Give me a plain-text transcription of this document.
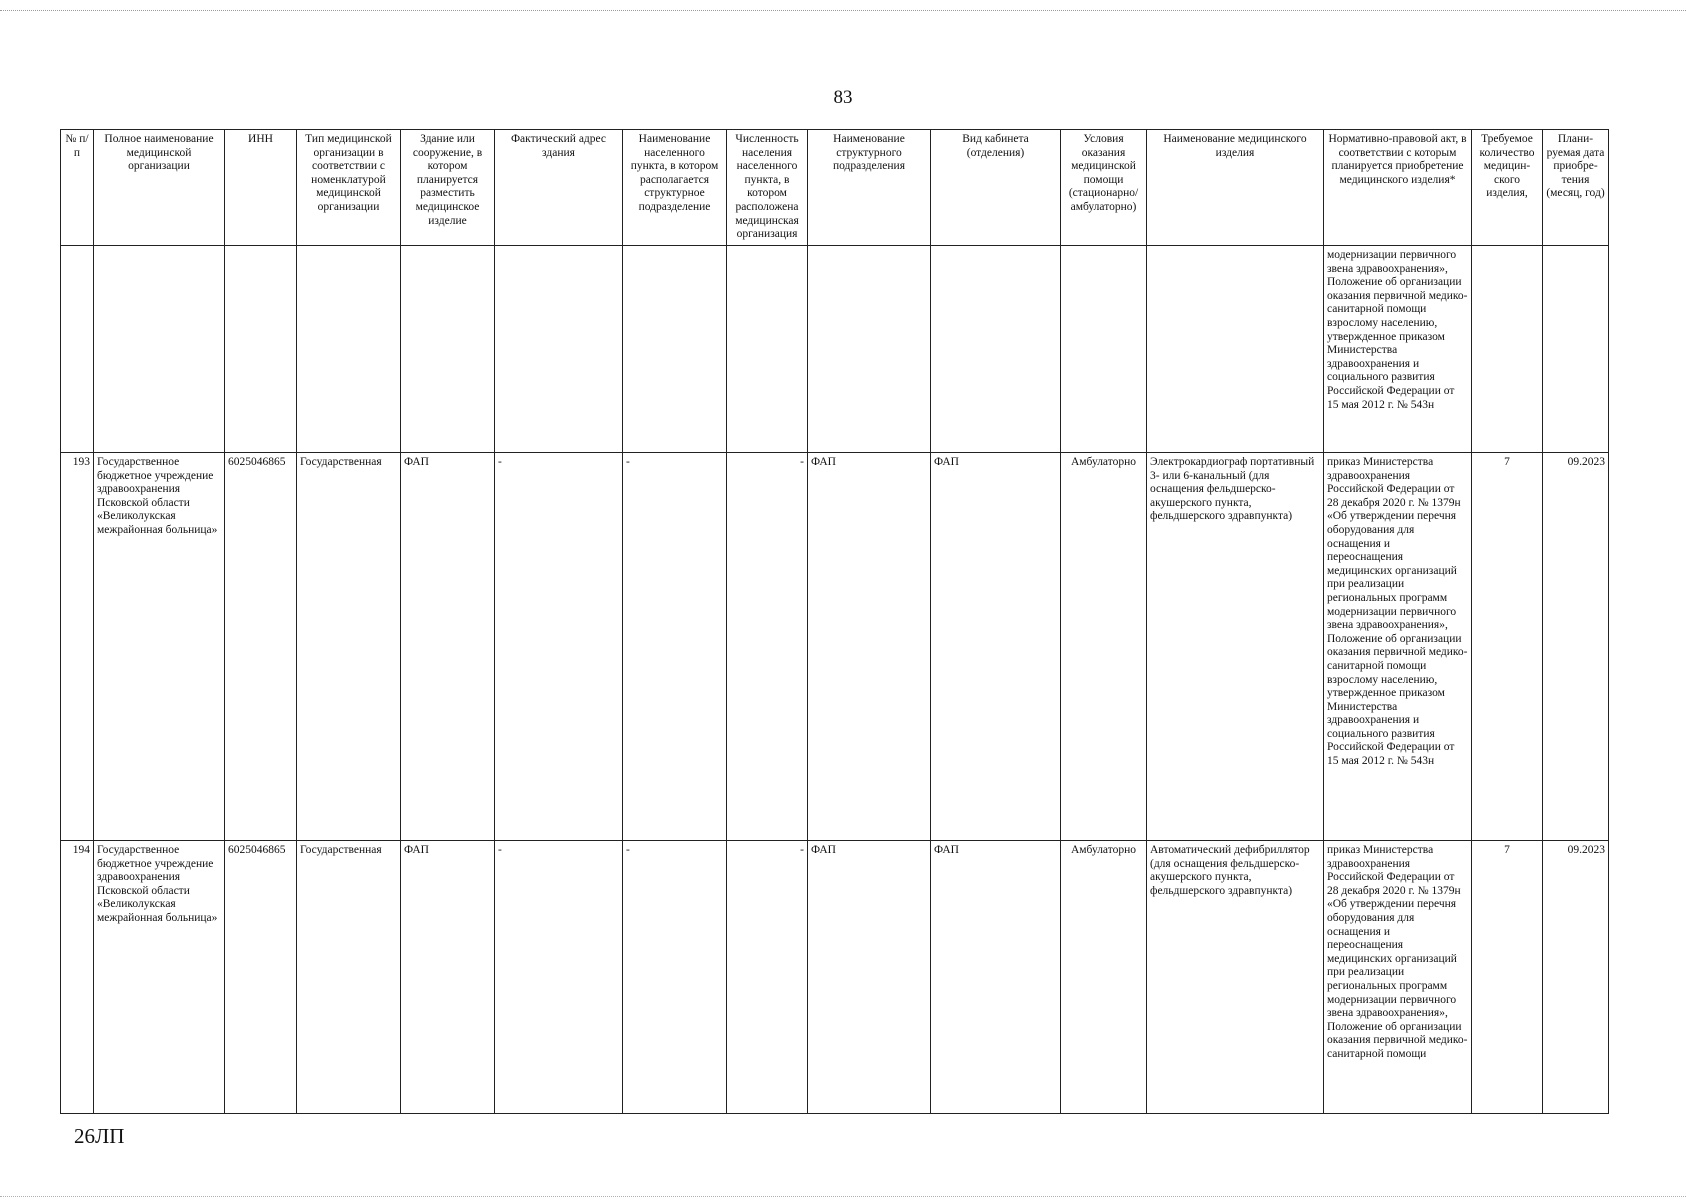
83
№ п/п	Полное наименование медицинской организации	ИНН	Тип медицинской организации в соответствии с номенклатурой медицинской организации	Здание или сооружение, в котором планируется разместить медицинское изделие	Фактический адрес здания	Наименование населенного пункта, в котором располагается структурное подразделение	Численность населения населенного пункта, в котором расположена медицинская организация	Наименование структурного подразделения	Вид кабинета (отделения)	Условия оказания медицинской помощи (стационарно/ амбулаторно)	Наименование медицинского изделия	Нормативно-правовой акт, в соответствии с которым планируется приобретение медицинского изделия*	Требуемое количество медицин-ского изделия,	Плани-руемая дата приобре-тения (месяц, год)
												модернизации первичного звена здравоохранения», Положение об организации оказания первичной медико-санитарной помощи взрослому населению, утвержденное приказом Министерства здравоохранения и социального развития Российской Федерации от 15 мая 2012 г. № 543н		
193	Государственное бюджетное учреждение здравоохранения Псковской области «Великолукская межрайонная больница»	6025046865	Государственная	ФАП	-	-	-	ФАП	ФАП	Амбулаторно	Электрокардиограф портативный 3- или 6-канальный (для оснащения фельдшерско-акушерского пункта, фельдшерского здравпункта)	приказ Министерства здравоохранения Российской Федерации от 28 декабря 2020 г. № 1379н «Об утверждении перечня оборудования для оснащения и переоснащения медицинских организаций при реализации региональных программ модернизации первичного звена здравоохранения», Положение об организации оказания первичной медико-санитарной помощи взрослому населению, утвержденное приказом Министерства здравоохранения и социального развития Российской Федерации от 15 мая 2012 г. № 543н	7	09.2023
194	Государственное бюджетное учреждение здравоохранения Псковской области «Великолукская межрайонная больница»	6025046865	Государственная	ФАП	-	-	-	ФАП	ФАП	Амбулаторно	Автоматический дефибриллятор (для оснащения фельдшерско-акушерского пункта, фельдшерского здравпункта)	приказ Министерства здравоохранения Российской Федерации от 28 декабря 2020 г. № 1379н «Об утверждении перечня оборудования для оснащения и переоснащения медицинских организаций при реализации региональных программ модернизации первичного звена здравоохранения», Положение об организации оказания первичной медико-санитарной помощи	7	09.2023
26ЛП
